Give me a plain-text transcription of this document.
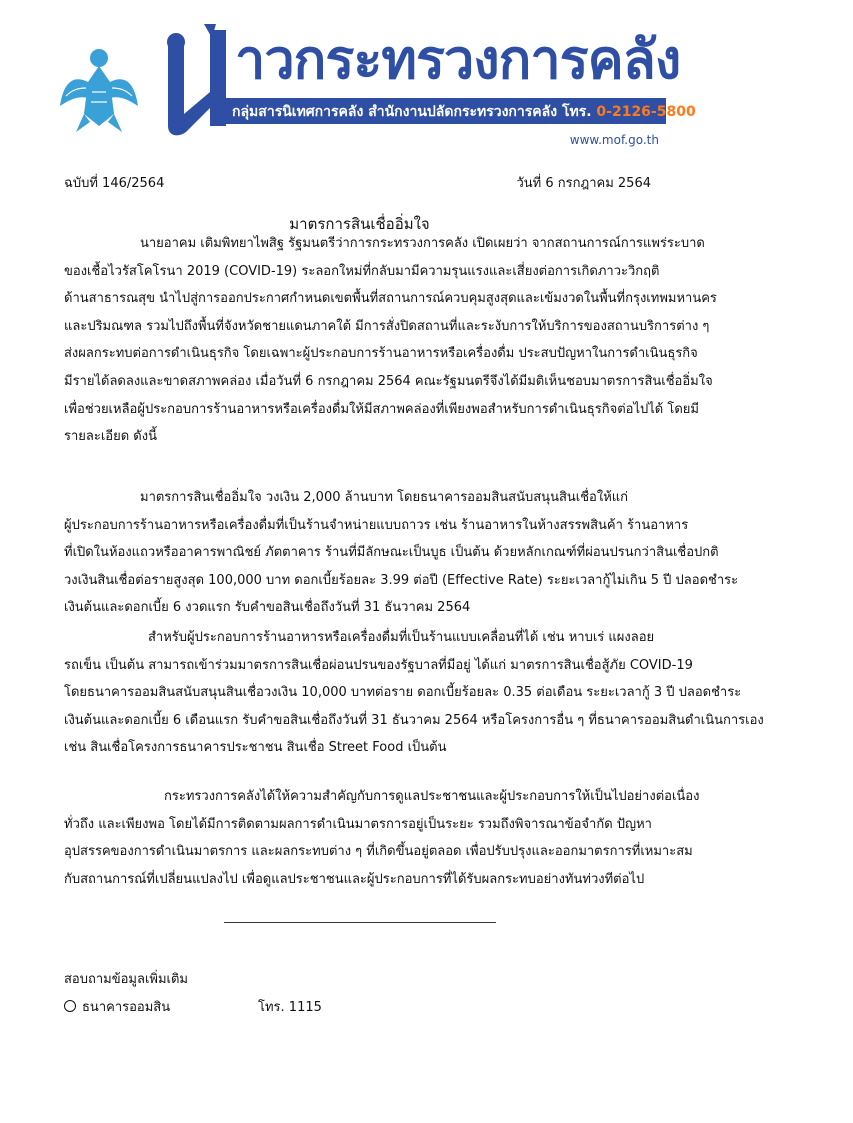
าวกระทรวงการคลัง
กลุ่มสารนิเทศการคลัง สำนักงานปลัดกระทรวงการคลัง โทร. 0-2126-5800 โทรสาร 0-2273-9763
www.mof.go.th
ฉบับที่ 146/2564	วันที่ 6 กรกฎาคม 2564
มาตรการสินเชื่ออิ่มใจ
นายอาคม เติมพิทยาไพสิฐ รัฐมนตรีว่าการกระทรวงการคลัง เปิดเผยว่า จากสถานการณ์การแพร่ระบาด
ของเชื้อไวรัสโคโรนา 2019 (COVID-19) ระลอกใหม่ที่กลับมามีความรุนแรงและเสี่ยงต่อการเกิดภาวะวิกฤติ
ด้านสาธารณสุข นำไปสู่การออกประกาศกำหนดเขตพื้นที่สถานการณ์ควบคุมสูงสุดและเข้มงวดในพื้นที่กรุงเทพมหานคร
และปริมณฑล รวมไปถึงพื้นที่จังหวัดชายแดนภาคใต้ มีการสั่งปิดสถานที่และระงับการให้บริการของสถานบริการต่าง ๆ
ส่งผลกระทบต่อการดำเนินธุรกิจ โดยเฉพาะผู้ประกอบการร้านอาหารหรือเครื่องดื่ม ประสบปัญหาในการดำเนินธุรกิจ
มีรายได้ลดลงและขาดสภาพคล่อง เมื่อวันที่ 6 กรกฎาคม 2564 คณะรัฐมนตรีจึงได้มีมติเห็นชอบมาตรการสินเชื่ออิ่มใจ
เพื่อช่วยเหลือผู้ประกอบการร้านอาหารหรือเครื่องดื่มให้มีสภาพคล่องที่เพียงพอสำหรับการดำเนินธุรกิจต่อไปได้ โดยมี
รายละเอียด ดังนี้
มาตรการสินเชื่ออิ่มใจ วงเงิน 2,000 ล้านบาท โดยธนาคารออมสินสนับสนุนสินเชื่อให้แก่
ผู้ประกอบการร้านอาหารหรือเครื่องดื่มที่เป็นร้านจำหน่ายแบบถาวร เช่น ร้านอาหารในห้างสรรพสินค้า ร้านอาหาร
ที่เปิดในห้องแถวหรืออาคารพาณิชย์ ภัตตาคาร ร้านที่มีลักษณะเป็นบูธ เป็นต้น ด้วยหลักเกณฑ์ที่ผ่อนปรนกว่าสินเชื่อปกติ
วงเงินสินเชื่อต่อรายสูงสุด 100,000 บาท ดอกเบี้ยร้อยละ 3.99 ต่อปี (Effective Rate) ระยะเวลากู้ไม่เกิน 5 ปี ปลอดชำระ
เงินต้นและดอกเบี้ย 6 งวดแรก รับคำขอสินเชื่อถึงวันที่ 31 ธันวาคม 2564
สำหรับผู้ประกอบการร้านอาหารหรือเครื่องดื่มที่เป็นร้านแบบเคลื่อนที่ได้ เช่น หาบเร่ แผงลอย
รถเข็น เป็นต้น สามารถเข้าร่วมมาตรการสินเชื่อผ่อนปรนของรัฐบาลที่มีอยู่ ได้แก่ มาตรการสินเชื่อสู้ภัย COVID-19
โดยธนาคารออมสินสนับสนุนสินเชื่อวงเงิน 10,000 บาทต่อราย ดอกเบี้ยร้อยละ 0.35 ต่อเดือน ระยะเวลากู้ 3 ปี ปลอดชำระ
เงินต้นและดอกเบี้ย 6 เดือนแรก รับคำขอสินเชื่อถึงวันที่ 31 ธันวาคม 2564 หรือโครงการอื่น ๆ ที่ธนาคารออมสินดำเนินการเอง
เช่น สินเชื่อโครงการธนาคารประชาชน สินเชื่อ Street Food เป็นต้น
กระทรวงการคลังได้ให้ความสำคัญกับการดูแลประชาชนและผู้ประกอบการให้เป็นไปอย่างต่อเนื่อง
ทั่วถึง และเพียงพอ โดยได้มีการติดตามผลการดำเนินมาตรการอยู่เป็นระยะ รวมถึงพิจารณาข้อจำกัด ปัญหา
อุปสรรคของการดำเนินมาตรการ และผลกระทบต่าง ๆ ที่เกิดขึ้นอยู่ตลอด เพื่อปรับปรุงและออกมาตรการที่เหมาะสม
กับสถานการณ์ที่เปลี่ยนแปลงไป เพื่อดูแลประชาชนและผู้ประกอบการที่ได้รับผลกระทบอย่างทันท่วงทีต่อไป
สอบถามข้อมูลเพิ่มเติม
ธนาคารออมสิน	โทร. 1115
